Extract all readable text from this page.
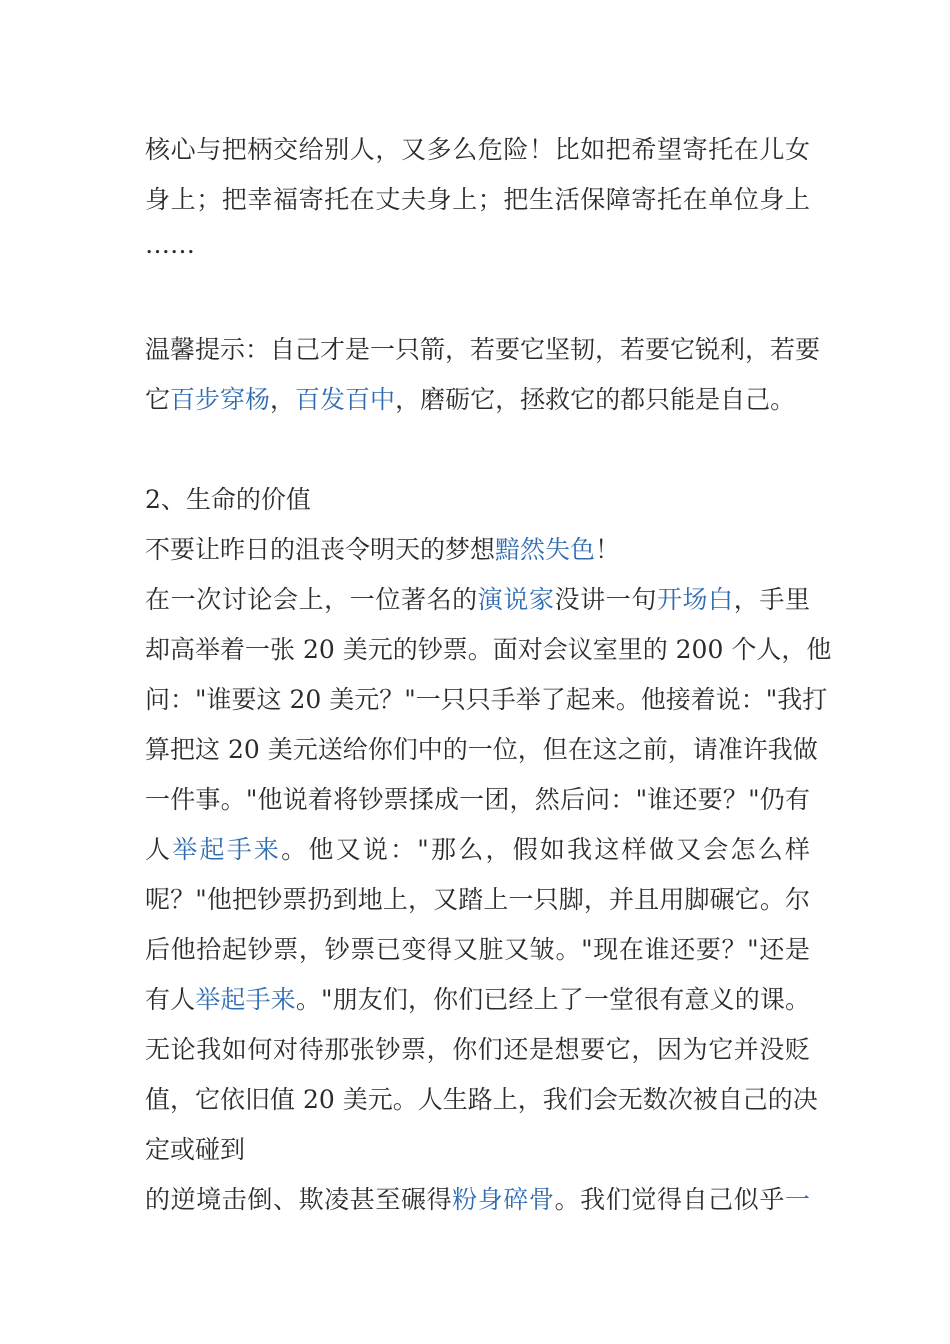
核心与把柄交给别人，又多么危险！比如把希望寄托在儿女
身上；把幸福寄托在丈夫身上；把生活保障寄托在单位身上
……
温馨提示：自己才是一只箭，若要它坚韧，若要它锐利，若要
它百步穿杨，百发百中，磨砺它，拯救它的都只能是自己。
2、生命的价值
不要让昨日的沮丧令明天的梦想黯然失色！
在一次讨论会上，一位著名的演说家没讲一句开场白，手里
却高举着一张 20 美元的钞票。面对会议室里的 200 个人，他
问："谁要这 20 美元？"一只只手举了起来。他接着说："我打
算把这 20 美元送给你们中的一位，但在这之前，请准许我做
一件事。"他说着将钞票揉成一团，然后问："谁还要？"仍有
人举起手来。他又说："那么，假如我这样做又会怎么样
呢？"他把钞票扔到地上，又踏上一只脚，并且用脚碾它。尔
后他拾起钞票，钞票已变得又脏又皱。"现在谁还要？"还是
有人举起手来。"朋友们，你们已经上了一堂很有意义的课。
无论我如何对待那张钞票，你们还是想要它，因为它并没贬
值，它依旧值 20 美元。人生路上，我们会无数次被自己的决
定或碰到
的逆境击倒、欺凌甚至碾得粉身碎骨。我们觉得自己似乎一
